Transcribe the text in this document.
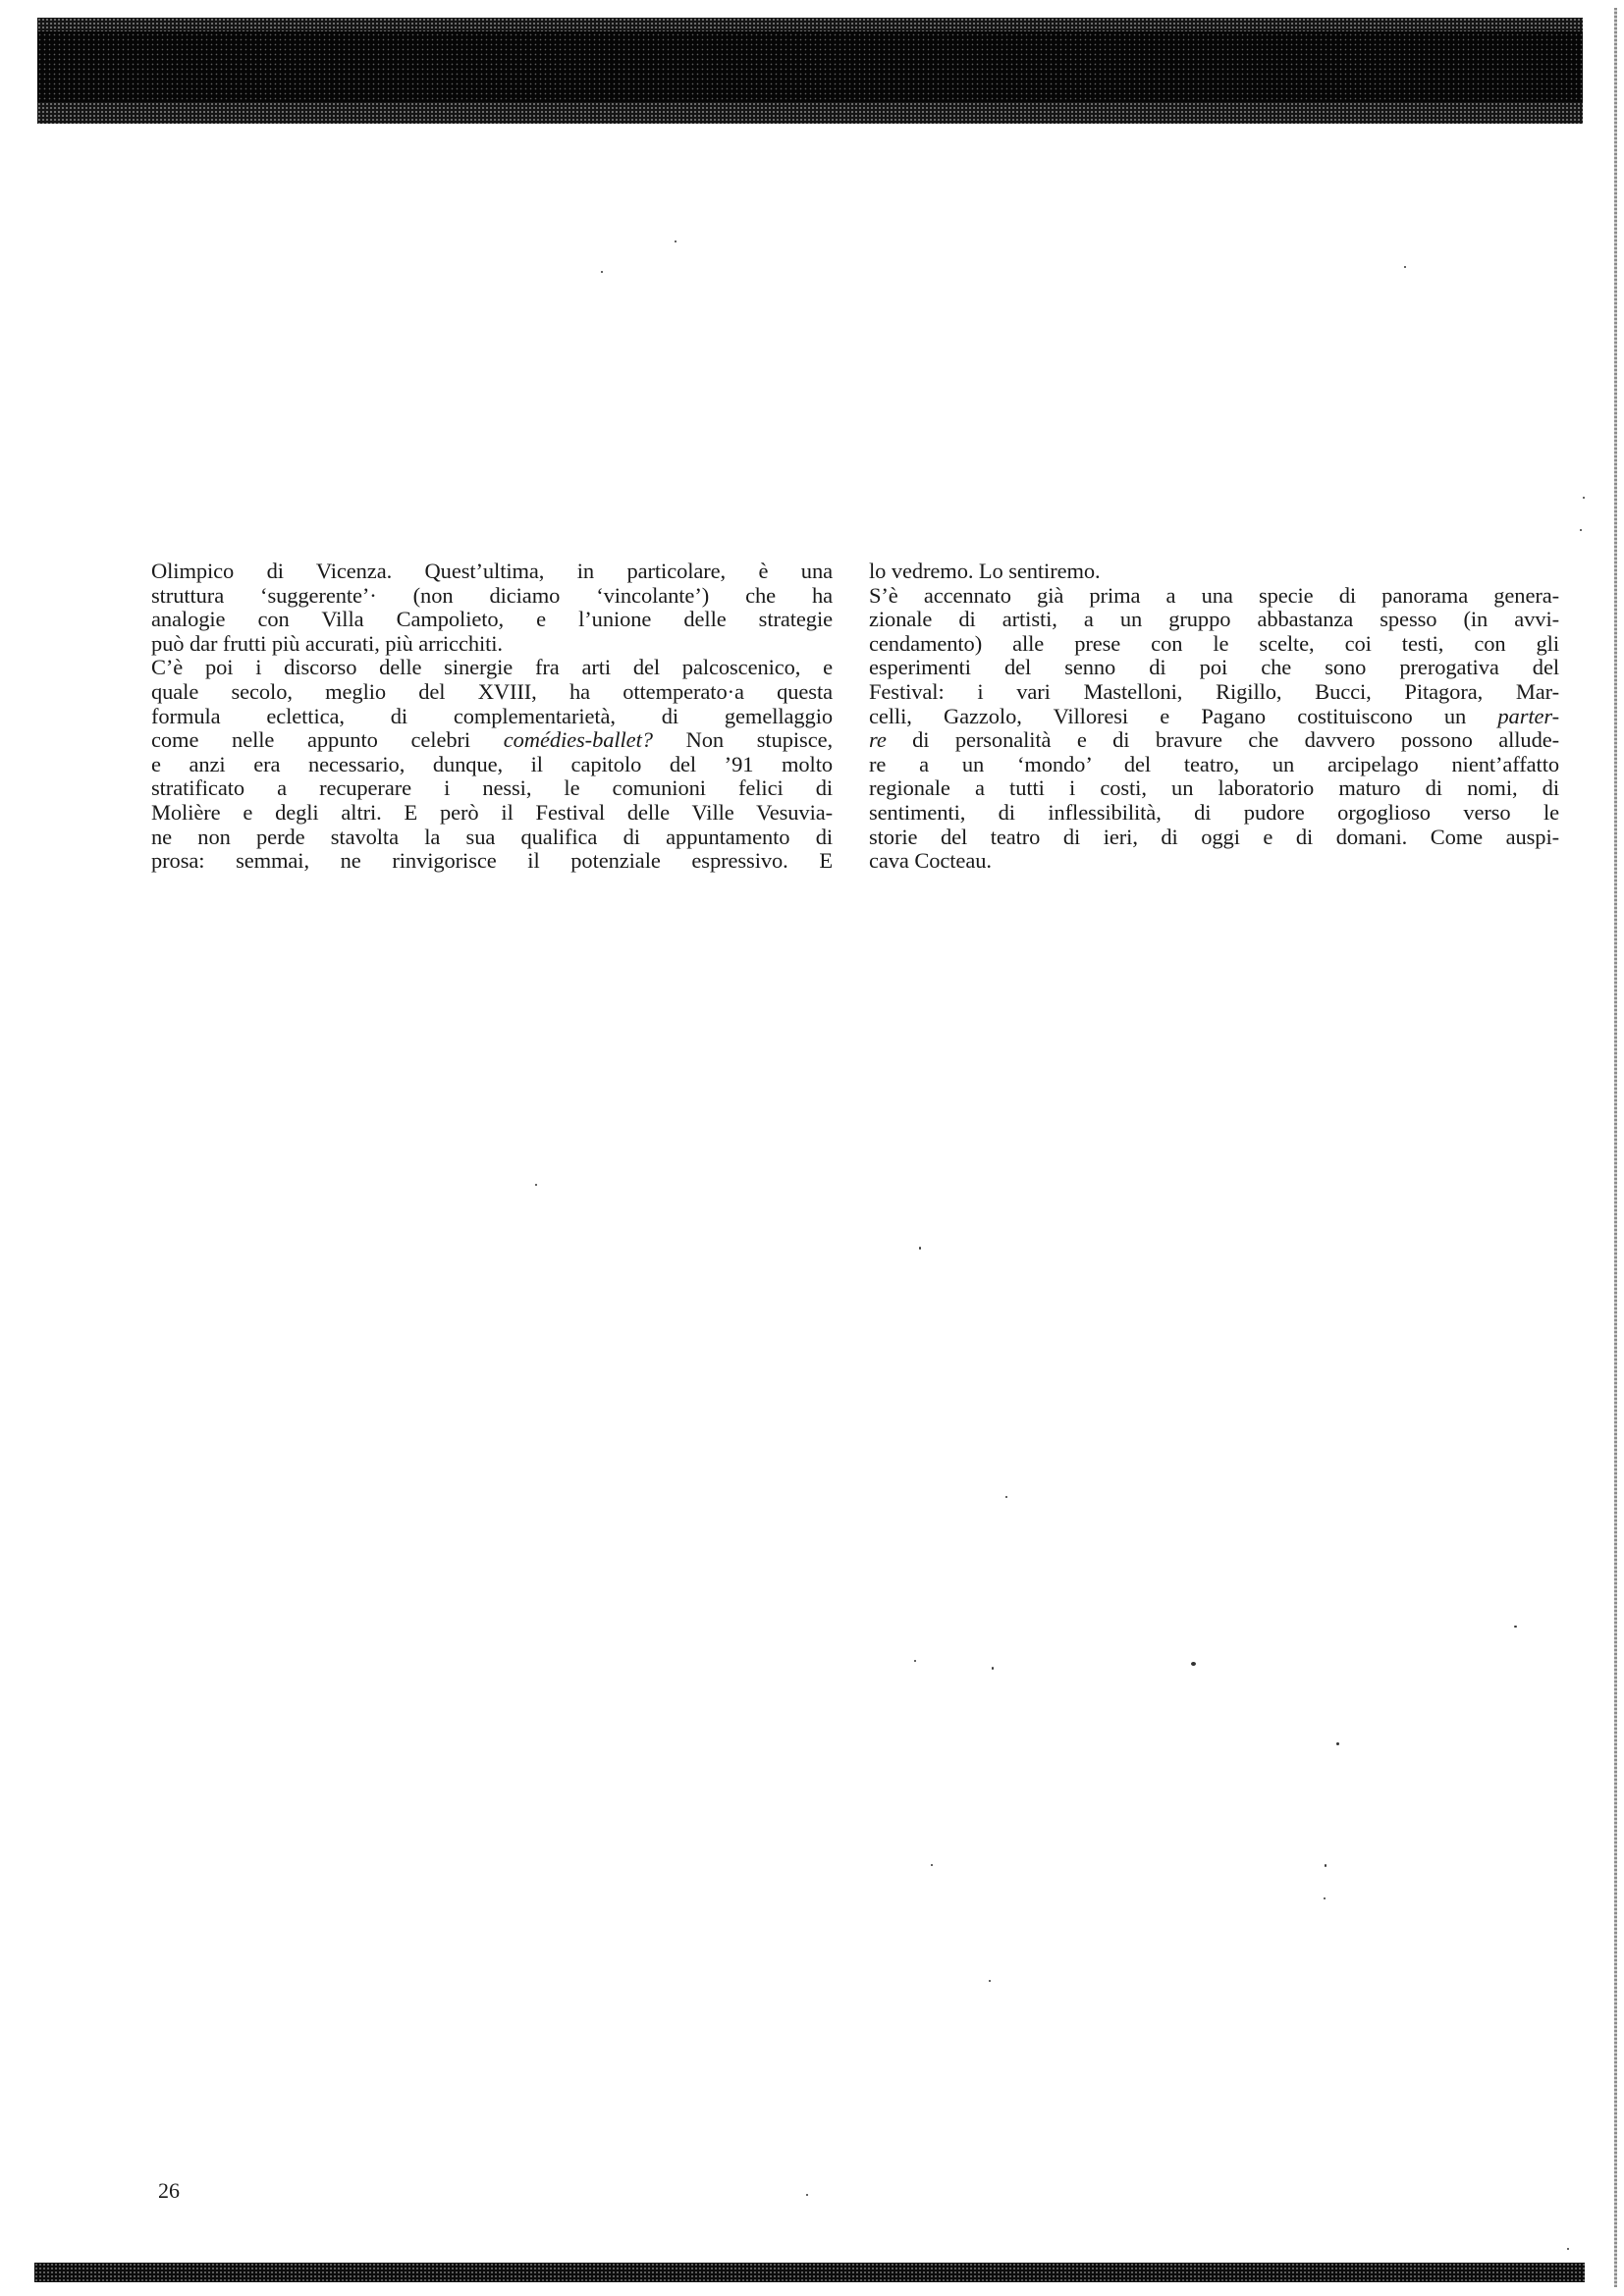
Olimpico di Vicenza. Quest’ultima, in particolare, è una
struttura ‘suggerente’· (non diciamo ‘vincolante’) che ha
analogie con Villa Campolieto, e l’unione delle strategie
può dar frutti più accurati, più arricchiti.
C’è poi i discorso delle sinergie fra arti del palcoscenico, e
quale secolo, meglio del XVIII, ha ottemperato·a questa
formula eclettica, di complementarietà, di gemellaggio
come nelle appunto celebri comédies-ballet? Non stupisce,
e anzi era necessario, dunque, il capitolo del ’91 molto
stratificato a recuperare i nessi, le comunioni felici di
Molière e degli altri. E però il Festival delle Ville Vesuvia-
ne non perde stavolta la sua qualifica di appuntamento di
prosa: semmai, ne rinvigorisce il potenziale espressivo. E
lo vedremo. Lo sentiremo.
S’è accennato già prima a una specie di panorama genera-
zionale di artisti, a un gruppo abbastanza spesso (in avvi-
cendamento) alle prese con le scelte, coi testi, con gli
esperimenti del senno di poi che sono prerogativa del
Festival: i vari Mastelloni, Rigillo, Bucci, Pitagora, Mar-
celli, Gazzolo, Villoresi e Pagano costituiscono un parter-
re di personalità e di bravure che davvero possono allude-
re a un ‘mondo’ del teatro, un arcipelago nient’affatto
regionale a tutti i costi, un laboratorio maturo di nomi, di
sentimenti, di inflessibilità, di pudore orgoglioso verso le
storie del teatro di ieri, di oggi e di domani. Come auspi-
cava Cocteau.
26
